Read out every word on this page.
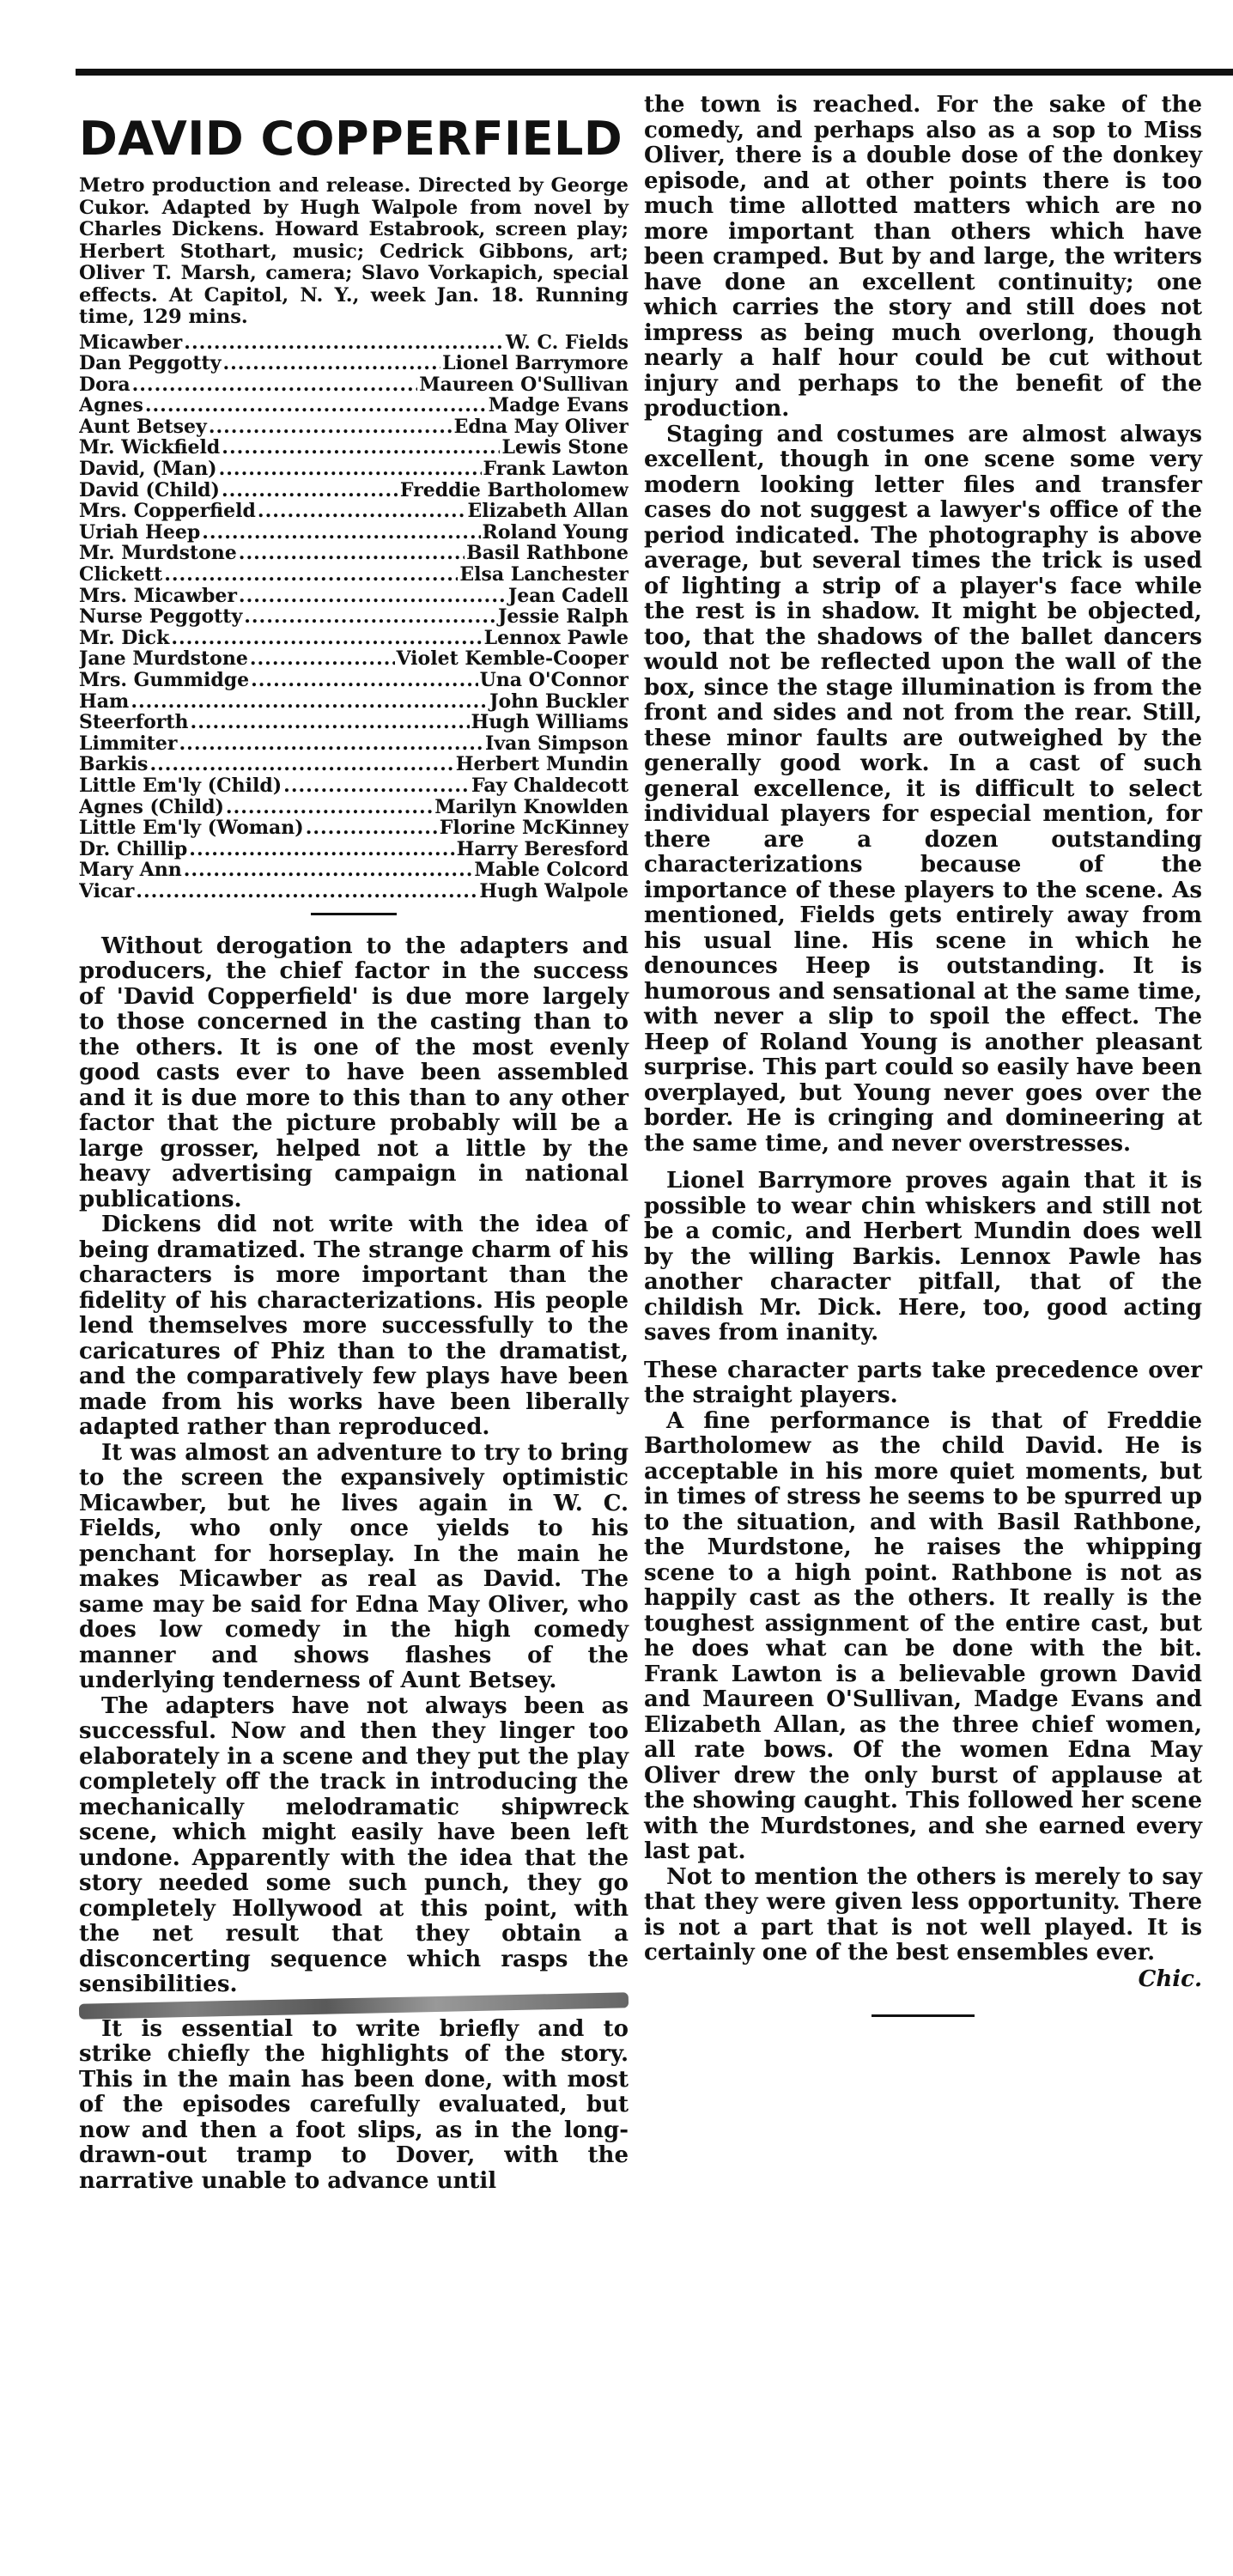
DAVID COPPERFIELD

Metro production and release. Directed by George Cukor. Adapted by Hugh Walpole from novel by Charles Dickens. Howard Estabrook, screen play; Herbert Stothart, music; Cedrick Gibbons, art; Oliver T. Marsh, camera; Slavo Vorkapich, special effects. At Capitol, N. Y., week Jan. 18. Running time, 129 mins.

Micawber .....	W. C. Fields
Dan Peggotty .....	Lionel Barrymore
Dora .....	Maureen O'Sullivan
Agnes .....	Madge Evans
Aunt Betsey .....	Edna May Oliver
Mr. Wickfield .....	Lewis Stone
David, (Man) .....	Frank Lawton
David (Child) .....	Freddie Bartholomew
Mrs. Copperfield .....	Elizabeth Allan
Uriah Heep .....	Roland Young
Mr. Murdstone .....	Basil Rathbone
Clickett .....	Elsa Lanchester
Mrs. Micawber .....	Jean Cadell
Nurse Peggotty .....	Jessie Ralph
Mr. Dick .....	Lennox Pawle
Jane Murdstone .....	Violet Kemble-Cooper
Mrs. Gummidge .....	Una O'Connor
Ham .....	John Buckler
Steerforth .....	Hugh Williams
Limmiter .....	Ivan Simpson
Barkis .....	Herbert Mundin
Little Em'ly (Child) .....	Fay Chaldecott
Agnes (Child) .....	Marilyn Knowlden
Little Em'ly (Woman) .....	Florine McKinney
Dr. Chillip .....	Harry Beresford
Mary Ann .....	Mable Colcord
Vicar .....	Hugh Walpole

Without derogation to the adapters and producers, the chief factor in the success of 'David Copperfield' is due more largely to those concerned in the casting than to the others. It is one of the most evenly good casts ever to have been assembled and it is due more to this than to any other factor that the picture probably will be a large grosser, helped not a little by the heavy advertising campaign in national publications.

Dickens did not write with the idea of being dramatized. The strange charm of his characters is more important than the fidelity of his characterizations. His people lend themselves more successfully to the caricatures of Phiz than to the dramatist, and the comparatively few plays have been made from his works have been liberally adapted rather than reproduced.

It was almost an adventure to try to bring to the screen the expansively optimistic Micawber, but he lives again in W. C. Fields, who only once yields to his penchant for horseplay. In the main he makes Micawber as real as David. The same may be said for Edna May Oliver, who does low comedy in the high comedy manner and shows flashes of the underlying tenderness of Aunt Betsey.

The adapters have not always been as successful. Now and then they linger too elaborately in a scene and they put the play completely off the track in introducing the mechanically melodramatic shipwreck scene, which might easily have been left undone. Apparently with the idea that the story needed some such punch, they go completely Hollywood at this point, with the net result that they obtain a disconcerting sequence which rasps the sensibilities.

It is essential to write briefly and to strike chiefly the highlights of the story. This in the main has been done, with most of the episodes carefully evaluated, but now and then a foot slips, as in the long-drawn-out tramp to Dover, with the narrative unable to advance until

the town is reached. For the sake of the comedy, and perhaps also as a sop to Miss Oliver, there is a double dose of the donkey episode, and at other points there is too much time allotted matters which are no more important than others which have been cramped. But by and large, the writers have done an excellent continuity; one which carries the story and still does not impress as being much overlong, though nearly a half hour could be cut without injury and perhaps to the benefit of the production.

Staging and costumes are almost always excellent, though in one scene some very modern looking letter files and transfer cases do not suggest a lawyer's office of the period indicated. The photography is above average, but several times the trick is used of lighting a strip of a player's face while the rest is in shadow. It might be objected, too, that the shadows of the ballet dancers would not be reflected upon the wall of the box, since the stage illumination is from the front and sides and not from the rear. Still, these minor faults are outweighed by the generally good work. In a cast of such general excellence, it is difficult to select individual players for especial mention, for there are a dozen outstanding characterizations because of the importance of these players to the scene. As mentioned, Fields gets entirely away from his usual line. His scene in which he denounces Heep is outstanding. It is humorous and sensational at the same time, with never a slip to spoil the effect. The Heep of Roland Young is another pleasant surprise. This part could so easily have been overplayed, but Young never goes over the border. He is cringing and domineering at the same time, and never overstresses.

Lionel Barrymore proves again that it is possible to wear chin whiskers and still not be a comic, and Herbert Mundin does well by the willing Barkis. Lennox Pawle has another character pitfall, that of the childish Mr. Dick. Here, too, good acting saves from inanity.

These character parts take precedence over the straight players.

A fine performance is that of Freddie Bartholomew as the child David. He is acceptable in his more quiet moments, but in times of stress he seems to be spurred up to the situation, and with Basil Rathbone, the Murdstone, he raises the whipping scene to a high point. Rathbone is not as happily cast as the others. It really is the toughest assignment of the entire cast, but he does what can be done with the bit. Frank Lawton is a believable grown David and Maureen O'Sullivan, Madge Evans and Elizabeth Allan, as the three chief women, all rate bows. Of the women Edna May Oliver drew the only burst of applause at the showing caught. This followed her scene with the Murdstones, and she earned every last pat.

Not to mention the others is merely to say that they were given less opportunity. There is not a part that is not well played. It is certainly one of the best ensembles ever.

Chic.
